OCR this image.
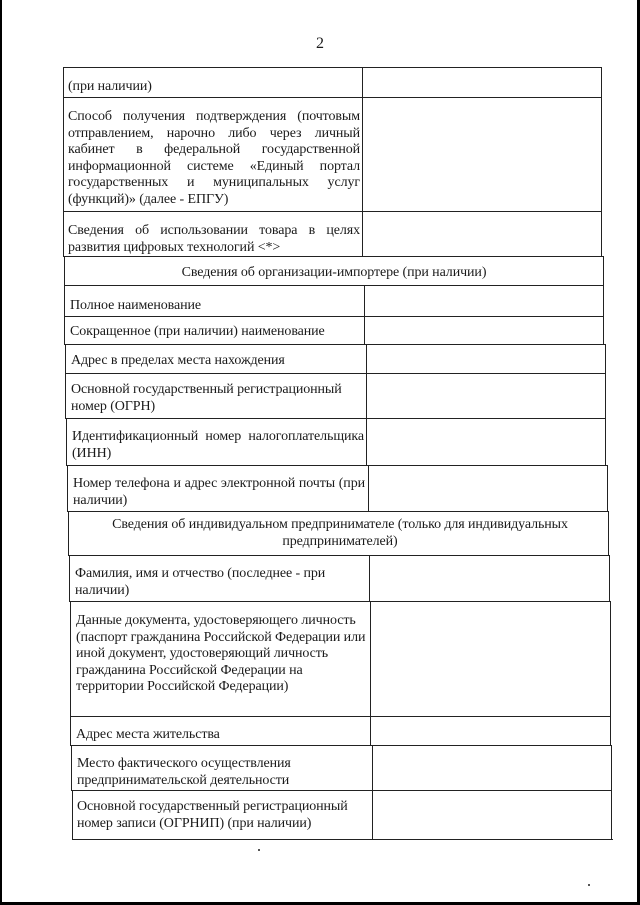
2

(при наличии)

Способ получения подтверждения (почтовым отправлением, нарочно либо через личный кабинет в федеральной государственной информационной системе «Единый портал государственных и муниципальных услуг (функций)» (далее - ЕПГУ)

Сведения об использовании товара в целях развития цифровых технологий <*>

Сведения об организации-импортере (при наличии)

Полное наименование

Сокращенное (при наличии) наименование

Адрес в пределах места нахождения

Основной государственный регистрационный номер (ОГРН)

Идентификационный номер налогоплательщика (ИНН)

Номер телефона и адрес электронной почты (при наличии)

Сведения об индивидуальном предпринимателе (только для индивидуальных предпринимателей)

Фамилия, имя и отчество (последнее - при наличии)

Данные документа, удостоверяющего личность (паспорт гражданина Российской Федерации или иной документ, удостоверяющий личность гражданина Российской Федерации на территории Российской Федерации)

Адрес места жительства

Место фактического осуществления предпринимательской деятельности

Основной государственный регистрационный номер записи (ОГРНИП) (при наличии)
